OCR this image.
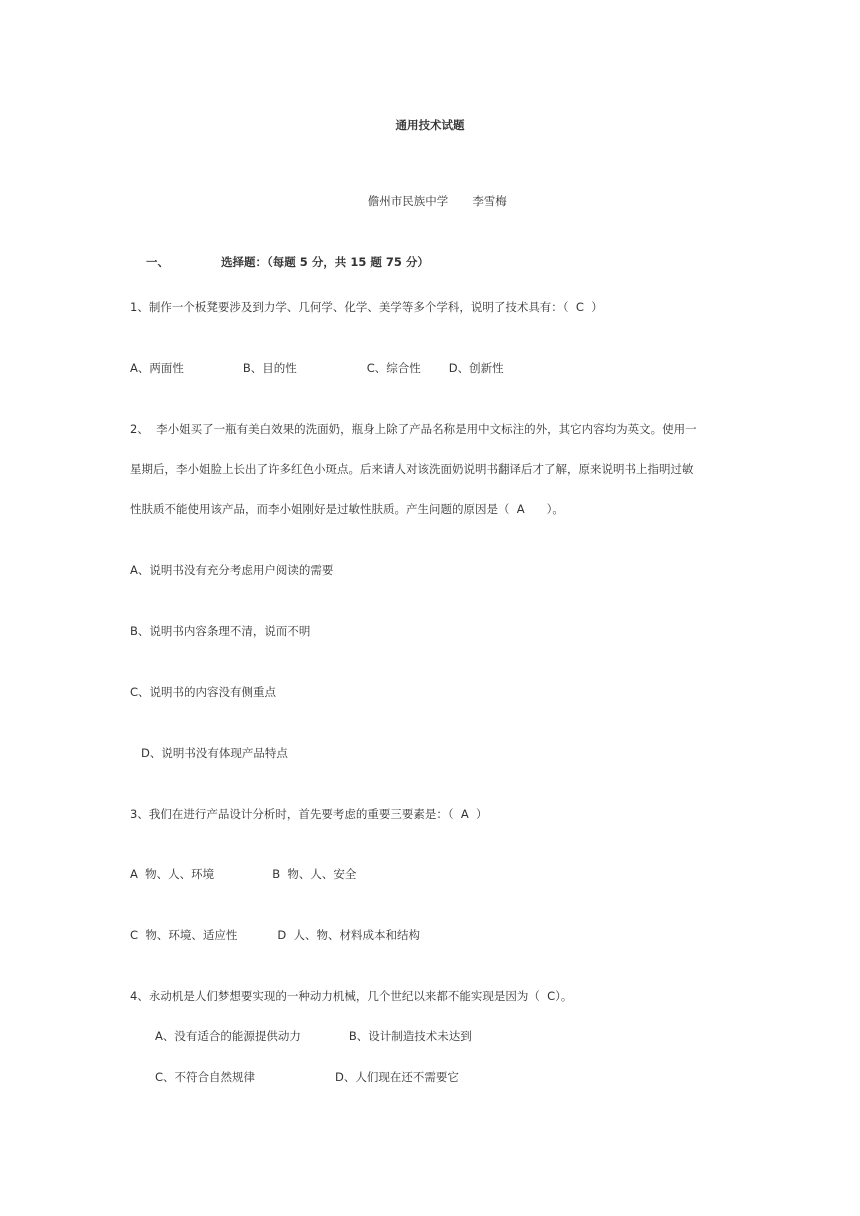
通用技术试题

儋州市民族中学 李雪梅

一、	选择题：（每题 5 分，共 15 题 75 分）

1、制作一个板凳要涉及到力学、几何学、化学、美学等多个学科，说明了技术具有：（  C  ）
A、两面性	B、目的性	C、综合性 D、创新性
2、  李小姐买了一瓶有美白效果的洗面奶，瓶身上除了产品名称是用中文标注的外，其它内容均为英文。使用一
星期后，李小姐脸上长出了许多红色小斑点。后来请人对该洗面奶说明书翻译后才了解，原来说明书上指明过敏
性肤质不能使用该产品，而李小姐刚好是过敏性肤质。产生问题的原因是（  A      ）。
A、说明书没有充分考虑用户阅读的需要
B、说明书内容条理不清，说而不明
C、说明书的内容没有侧重点
D、说明书没有体现产品特点
3、我们在进行产品设计分析时，首先要考虑的重要三要素是：（  A  ）
A  物、人、环境	B  物、人、安全
C  物、环境、适应性	D  人、物、材料成本和结构
4、永动机是人们梦想要实现的一种动力机械，几个世纪以来都不能实现是因为（  C）。
A、没有适合的能源提供动力	B、设计制造技术未达到
C、不符合自然规律	D、人们现在还不需要它
